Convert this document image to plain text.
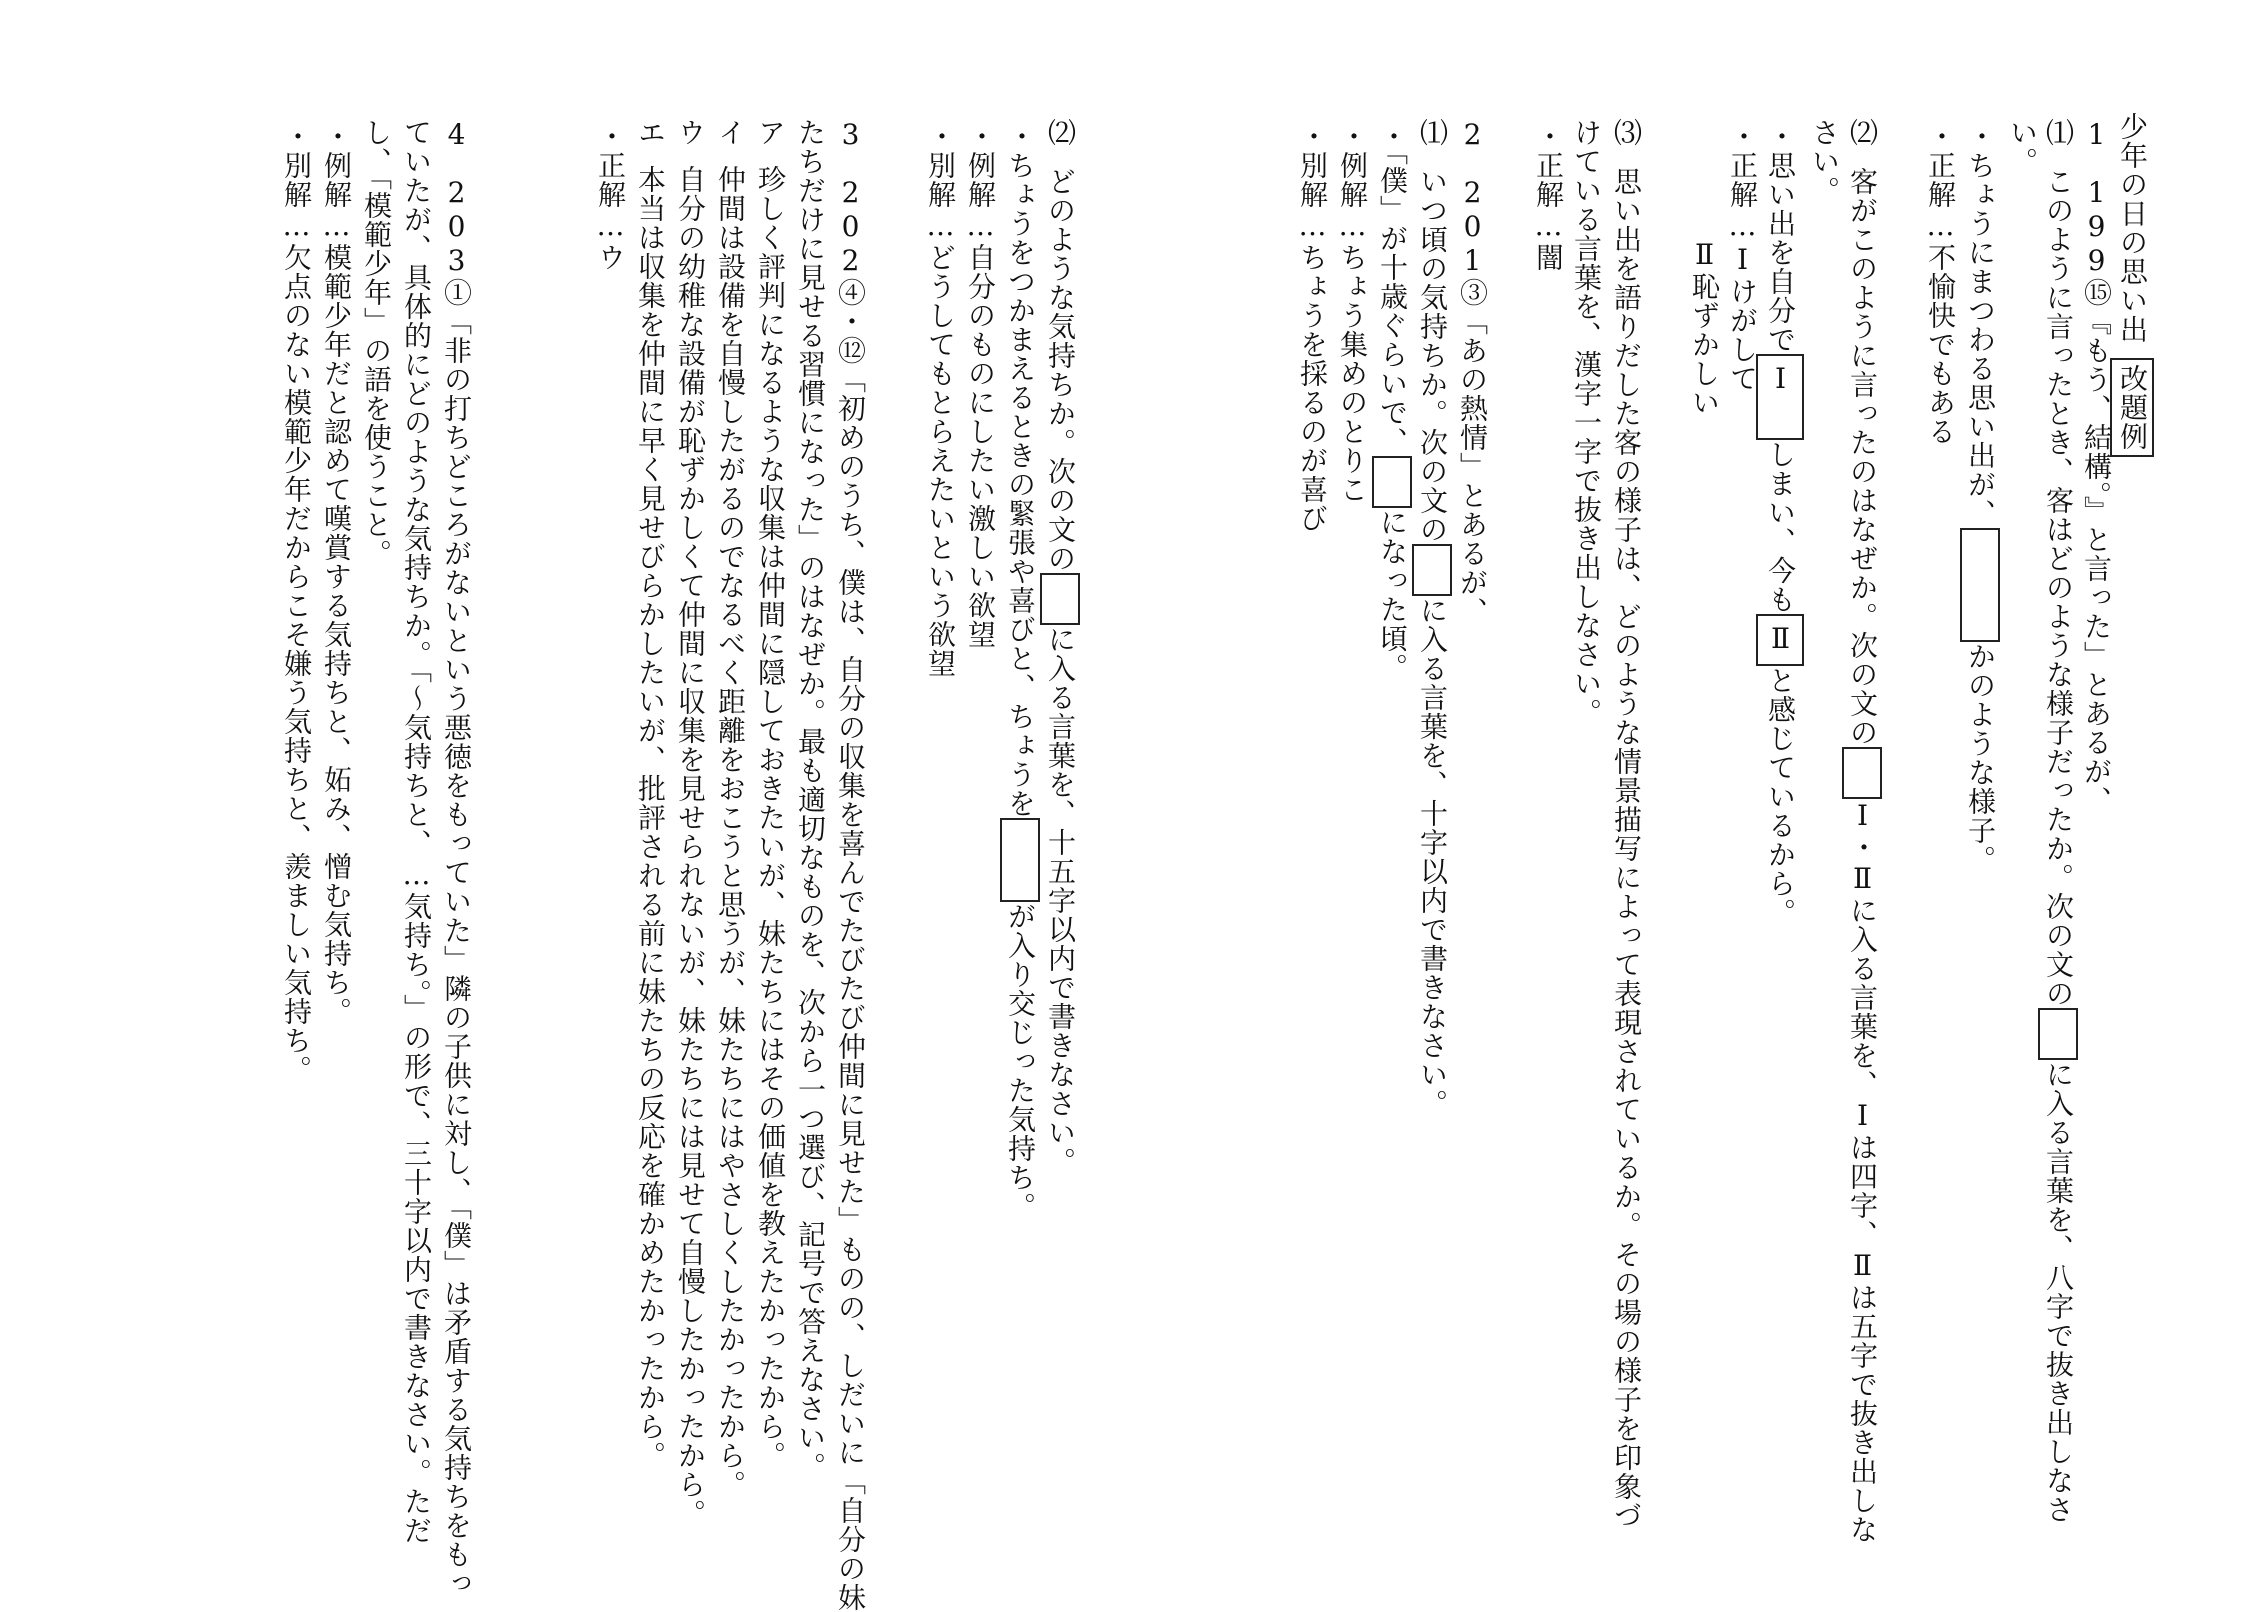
少年の日の思い出改題例
1199⑮『もう、結構。』と言った」とあるが、
⑴このように言ったとき、客はどのような様子だったか。次の文のに入る言葉を、八字で抜き出しなさ
い。
・ちょうにまつわる思い出が、かのような様子。
・正解…不愉快でもある
⑵客がこのように言ったのはなぜか。次の文のⅠ・Ⅱに入る言葉を、Ⅰは四字、Ⅱは五字で抜き出しな
さい。
・思い出を自分でⅠしまい、今もⅡと感じているから。
・正解…Ⅰけがして
Ⅱ恥ずかしい
⑶思い出を語りだした客の様子は、どのような情景描写によって表現されているか。その場の様子を印象づ
けている言葉を、漢字一字で抜き出しなさい。
・正解…闇
2201③「あの熱情」とあるが、
⑴いつ頃の気持ちか。次の文のに入る言葉を、十字以内で書きなさい。
・「僕」が十歳ぐらいで、になった頃。
・例解…ちょう集めのとりこ
・別解…ちょうを採るのが喜び
⑵どのような気持ちか。次の文のに入る言葉を、十五字以内で書きなさい。
・ちょうをつかまえるときの緊張や喜びと、ちょうをが入り交じった気持ち。
・例解…自分のものにしたい激しい欲望
・別解…どうしてもとらえたいという欲望
3202④・⑫「初めのうち、僕は、自分の収集を喜んでたびたび仲間に見せた」ものの、しだいに「自分の妹
たちだけに見せる習慣になった」のはなぜか。最も適切なものを、次から一つ選び、記号で答えなさい。
ア珍しく評判になるような収集は仲間に隠しておきたいが、妹たちにはその価値を教えたかったから。
イ仲間は設備を自慢したがるのでなるべく距離をおこうと思うが、妹たちにはやさしくしたかったから。
ウ自分の幼稚な設備が恥ずかしくて仲間に収集を見せられないが、妹たちには見せて自慢したかったから。
エ本当は収集を仲間に早く見せびらかしたいが、批評される前に妹たちの反応を確かめたかったから。
・正解…ウ
4203①「非の打ちどころがないという悪徳をもっていた」隣の子供に対し、「僕」は矛盾する気持ちをもっ
ていたが、具体的にどのような気持ちか。「〜気持ちと、…気持ち。」の形で、三十字以内で書きなさい。ただ
し、「模範少年」の語を使うこと。
・例解…模範少年だと認めて嘆賞する気持ちと、妬み、憎む気持ち。
・別解…欠点のない模範少年だからこそ嫌う気持ちと、羨ましい気持ち。
